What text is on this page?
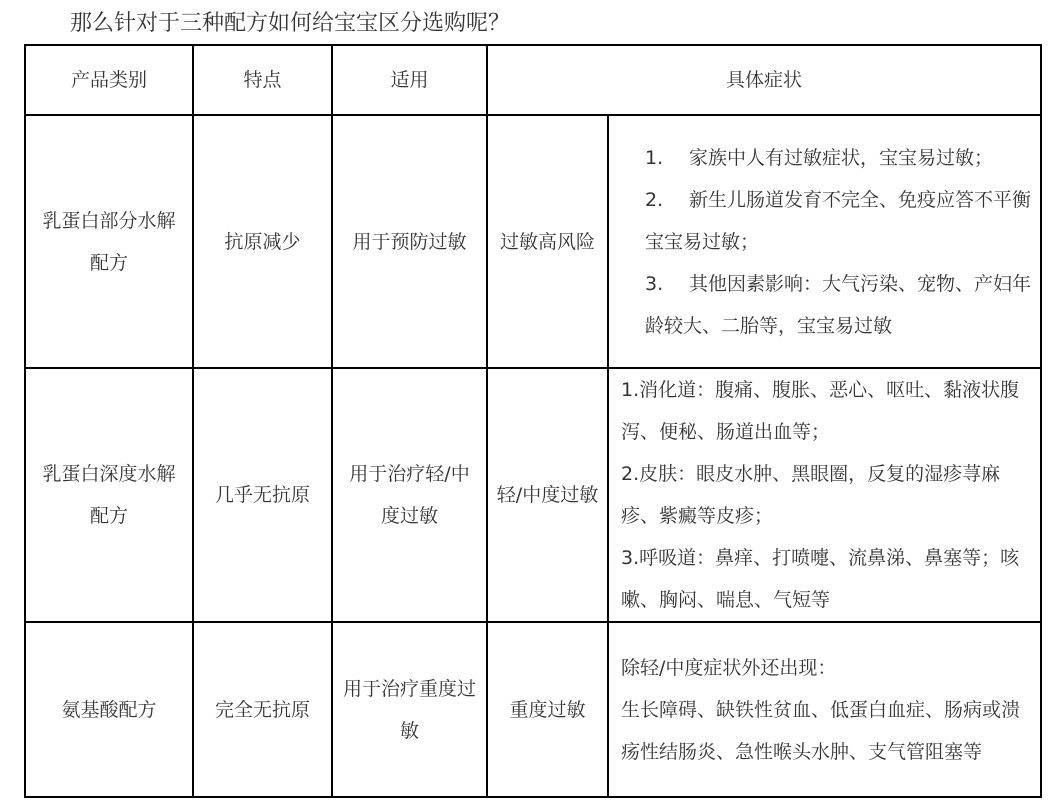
那么针对于三种配方如何给宝宝区分选购呢？
产品类别	特点	适用	具体症状	
乳蛋白部分水解配方	抗原减少	用于预防过敏	过敏高风险	1. 家族中人有过敏症状，宝宝易过敏；
2. 新生儿肠道发育不完全、免疫应答不平衡宝宝易过敏；
3. 其他因素影响：大气污染、宠物、产妇年龄较大、二胎等，宝宝易过敏

乳蛋白深度水解配方	几乎无抗原	用于治疗轻/中度过敏	轻/中度过敏	1.消化道：腹痛、腹胀、恶心、呕吐、黏液状腹泻、便秘、肠道出血等；
2.皮肤：眼皮水肿、黑眼圈，反复的湿疹荨麻疹、紫癜等皮疹；
3.呼吸道：鼻痒、打喷嚏、流鼻涕、鼻塞等；咳嗽、胸闷、喘息、气短等

氨基酸配方	完全无抗原	用于治疗重度过敏	重度过敏	除轻/中度症状外还出现：
生长障碍、缺铁性贫血、低蛋白血症、肠病或溃疡性结肠炎、急性喉头水肿、支气管阻塞等
